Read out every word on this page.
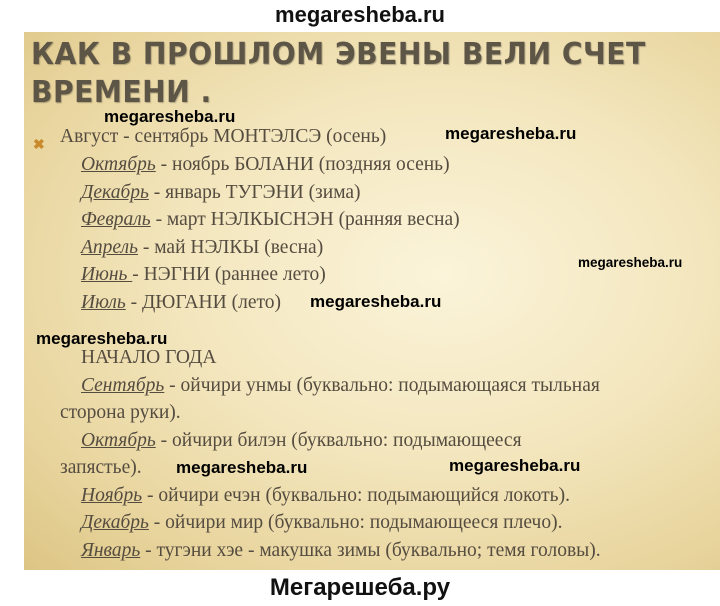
megaresheba.ru
КАК В ПРОШЛОМ ЭВЕНЫ ВЕЛИ СЧЕТ
ВРЕМЕНИ .
✖ Август - сентябрь МОНТЭЛСЭ (осень)
Октябрь - ноябрь БОЛАНИ (поздняя осень)
Декабрь - январь ТУГЭНИ (зима)
Февраль - март НЭЛКЫСНЭН (ранняя весна)
Апрель - май НЭЛКЫ (весна)
Июнь - НЭГНИ (раннее лето)
Июль - ДЮГАНИ (лето)
НАЧАЛО ГОДА
Сентябрь - ойчири унмы (буквально: подымающаяся тыльная
сторона руки).
Октябрь - ойчири билэн (буквально: подымающееся
запястье).
Ноябрь - ойчири ечэн (буквально: подымающийся локоть).
Декабрь - ойчири мир (буквально: подымающееся плечо).
Январь - тугэни хэе - макушка зимы (буквально; темя головы).
megaresheba.ru
megaresheba.ru
megaresheba.ru
megaresheba.ru
megaresheba.ru
megaresheba.ru	megaresheba.ru
Мегарешеба.ру
